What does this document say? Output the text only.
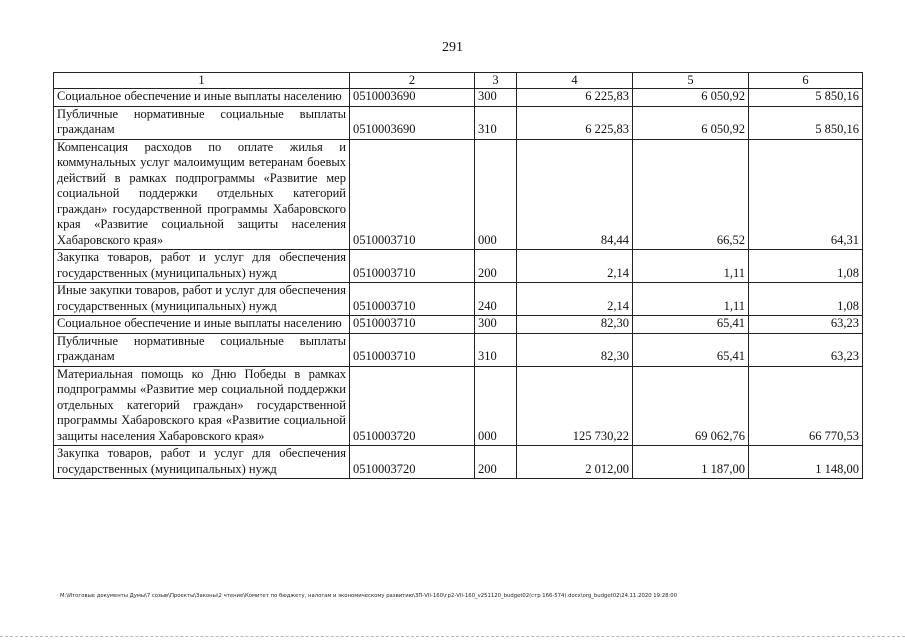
291
1	2	3	4	5	6
Социальное обеспечение и иные выплаты населению	0510003690	300	6 225,83	6 050,92	5 850,16
Публичные нормативные социальные выплаты гражданам	0510003690	310	6 225,83	6 050,92	5 850,16
Компенсация расходов по оплате жилья и коммунальных услуг малоимущим ветеранам боевых действий в рамках подпрограммы «Развитие мер социальной поддержки отдельных категорий граждан» государственной программы Хабаровского края «Развитие социальной защиты населения Хабаровского края»	0510003710	000	84,44	66,52	64,31
Закупка товаров, работ и услуг для обеспечения государственных (муниципальных) нужд	0510003710	200	2,14	1,11	1,08
Иные закупки товаров, работ и услуг для обеспечения государственных (муниципальных) нужд	0510003710	240	2,14	1,11	1,08
Социальное обеспечение и иные выплаты населению	0510003710	300	82,30	65,41	63,23
Публичные нормативные социальные выплаты гражданам	0510003710	310	82,30	65,41	63,23
Материальная помощь ко Дню Победы в рамках подпрограммы «Развитие мер социальной поддержки отдельных категорий граждан» государственной программы Хабаровского края «Развитие социальной защиты населения Хабаровского края»	0510003720	000	125 730,22	69 062,76	66 770,53
Закупка товаров, работ и услуг для обеспечения государственных (муниципальных) нужд	0510003720	200	2 012,00	1 187,00	1 148,00
M:\Итоговые документы Думы\7 созыв\Проекты\Законы\2 чтение\Комитет по бюджету, налогам и экономическому развитию\ЗП-VII-160\гр2-VII-160_v251120_budget02(стр 166-574).docx\org_budget02\24.11.2020 19:28:00
